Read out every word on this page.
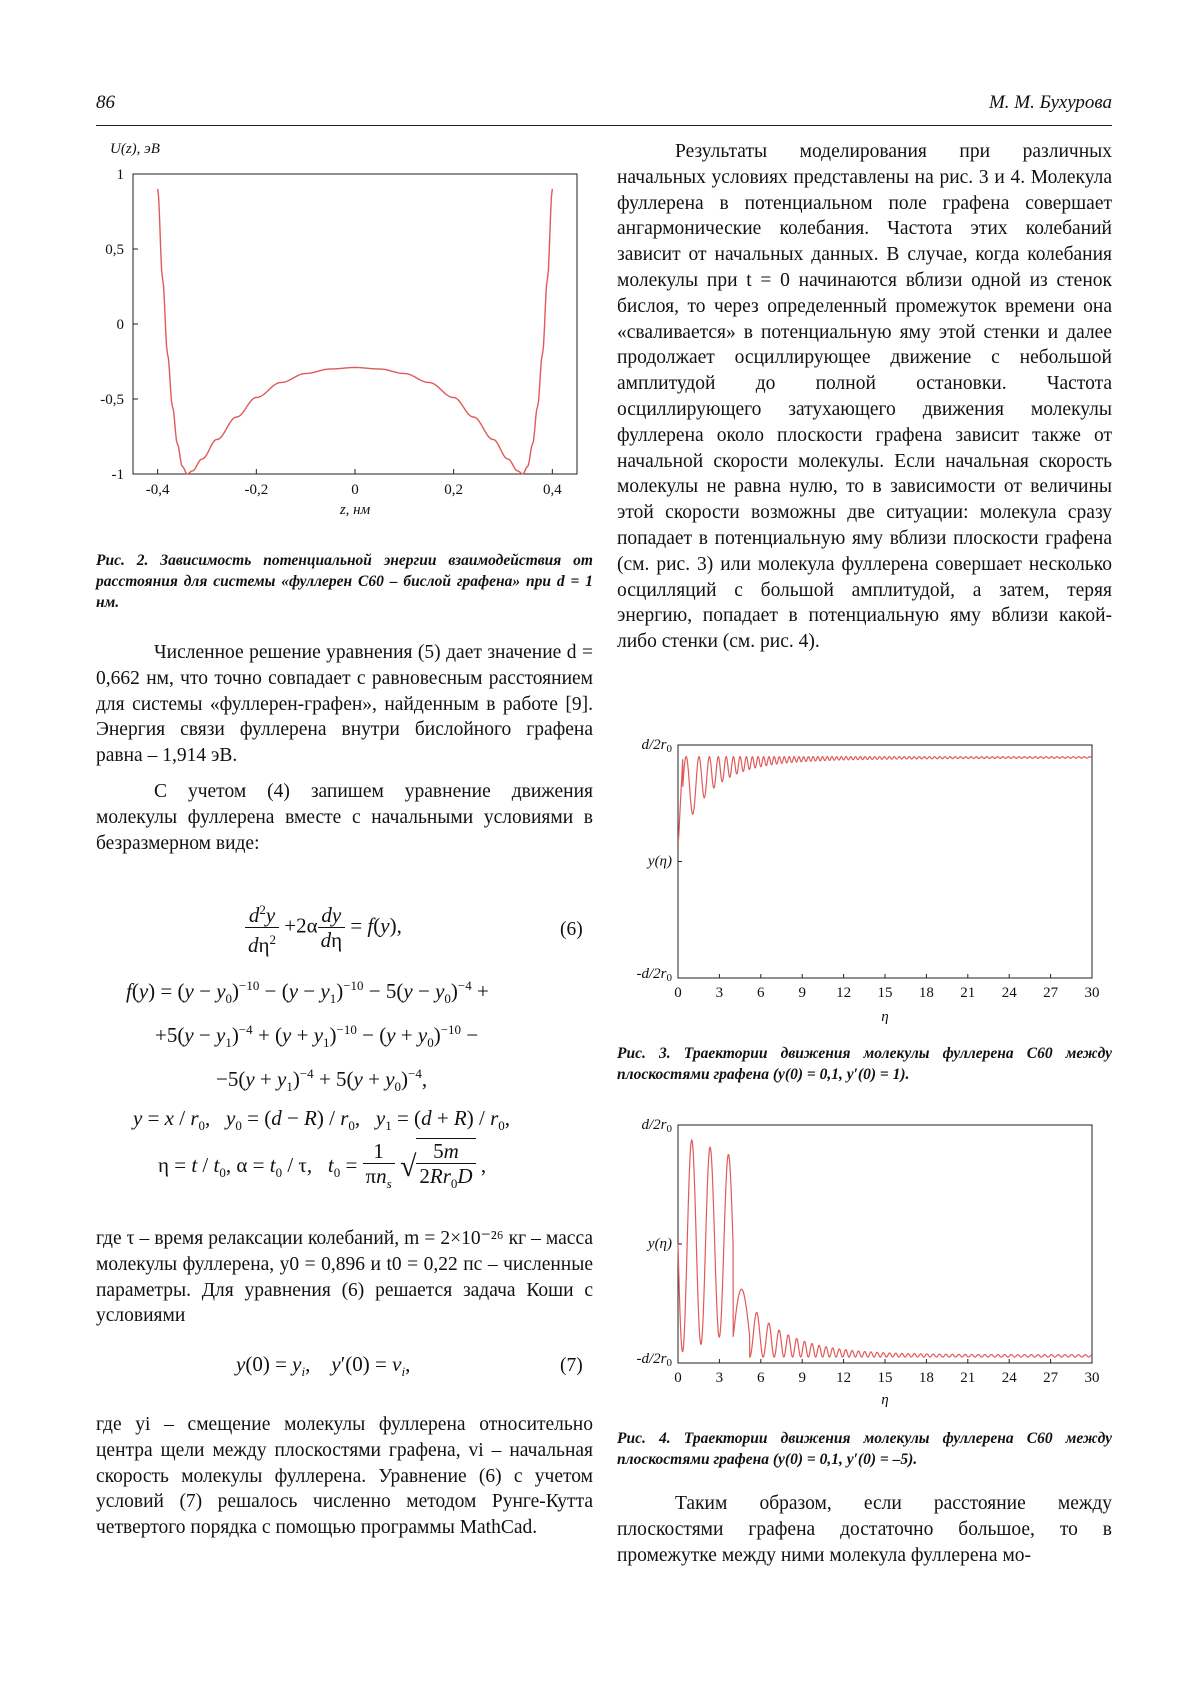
86	М. М. Бухурова
U(z), эВ
-0,4	-0,2	0	0,2	0,4
1
0,5
0
-0,5
-1
z, нм

Рис. 2. Зависимость потенциальной энергии взаимодействия от расстояния для системы «фуллерен C60 – бислой графена» при d = 1 нм.

Численное решение уравнения (5) дает значение d = 0,662 нм, что точно совпадает с равновесным расстоянием для системы «фуллерен-графен», найденным в работе [9]. Энергия связи фуллерена внутри бислойного графена равна – 1,914 эВ.

С учетом (4) запишем уравнение движения молекулы фуллерена вместе с начальными условиями в безразмерном виде:

$\frac{d^2y}{d\eta^2} +2\alpha \frac{dy}{d\eta} = f(y)$,	(6)
$f(y) = (y - y_0)^{-10} - (y - y_1)^{-10} - 5(y - y_0)^{-4}$ +
$+5(y - y_1)^{-4} + (y + y_1)^{-10} - (y + y_0)^{-10}$ −
$-5(y + y_1)^{-4} + 5(y + y_0)^{-4}$,
$y = x / r_0$,   $y_0 = (d - R) / r_0$,   $y_1 = (d + R) / r_0$,
$\eta = t / t_0$, $\alpha = t_0 / \tau$,   $t_0 = \frac{1}{\pi n_s}$ √ $\frac{5m}{2Rr_0D}$ ,

где τ – время релаксации колебаний, m = 2×10⁻²⁶ кг – масса молекулы фуллерена, y0 = 0,896 и t0 = 0,22 пс – численные параметры. Для уравнения (6) решается задача Коши с условиями

$y(0) = y_i$,    $y'(0) = v_i$,	(7)

где yi – смещение молекулы фуллерена относительно центра щели между плоскостями графена, vi – начальная скорость молекулы фуллерена. Уравнение (6) с учетом условий (7) решалось численно методом Рунге-Кутта четвертого порядка с помощью программы MathCad.

Результаты моделирования при различных начальных условиях представлены на рис. 3 и 4. Молекула фуллерена в потенциальном поле графена совершает ангармонические колебания. Частота этих колебаний зависит от начальных данных. В случае, когда колебания молекулы при t = 0 начинаются вблизи одной из стенок бислоя, то через определенный промежуток времени она «сваливается» в потенциальную яму этой стенки и далее продолжает осциллирующее движение с небольшой амплитудой до полной остановки. Частота осциллирующего затухающего движения молекулы фуллерена около плоскости графена зависит также от начальной скорости молекулы. Если начальная скорость молекулы не равна нулю, то в зависимости от величины этой скорости возможны две ситуации: молекула сразу попадает в потенциальную яму вблизи плоскости графена (см. рис. 3) или молекула фуллерена совершает несколько осцилляций с большой амплитудой, а затем, теряя энергию, попадает в потенциальную яму вблизи какой-либо стенки (см. рис. 4).

$d/2r_0$
y(η)
$-d/2r_0$
0 3 6 9 12 15 18 21 24 27 30
η

Рис. 3. Траектории движения молекулы фуллерена C60 между плоскостями графена (y(0) = 0,1, y′(0) = 1).

$d/2r_0$
y(η)
$-d/2r_0$
0 3 6 9 12 15 18 21 24 27 30
η

Рис. 4. Траектории движения молекулы фуллерена C60 между плоскостями графена (y(0) = 0,1, y′(0) = –5).

Таким образом, если расстояние между плоскостями графена достаточно большое, то в промежутке между ними молекула фуллерена мо-
